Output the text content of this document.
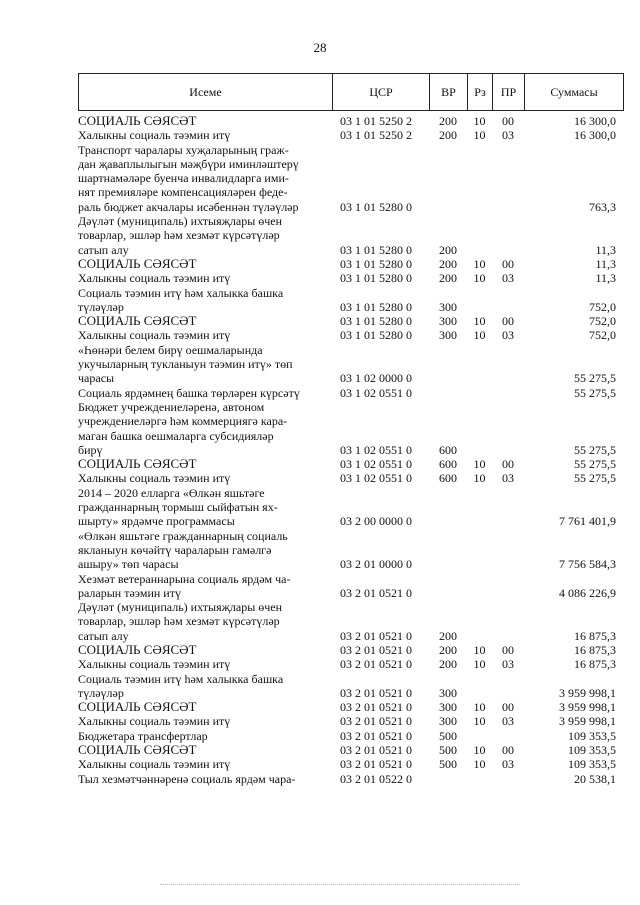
28
Исеме	ЦСР	ВР	Рз	ПР	Суммасы
СОЦИАЛЬ СӘЯСӘТ	03 1 01 5250 2	200	10	00	16 300,0
Халыкны социаль тәэмин итү	03 1 01 5250 2	200	10	03	16 300,0
Транспорт чаралары хуҗаларының граж-
дан җаваплылыгын мәҗбүри иминләштерү
шартнамәләре буенча инвалидларга ими-
нят премияләре компенсацияләрен феде-
раль бюджет акчалары исәбеннән түләүләр	03 1 01 5280 0	763,3
Дәүләт (муниципаль) ихтыяҗлары өчен
товарлар, эшләр һәм хезмәт күрсәтүләр
сатып алу	03 1 01 5280 0	200	11,3
СОЦИАЛЬ СӘЯСӘТ	03 1 01 5280 0	200	10	00	11,3
Халыкны социаль тәэмин итү	03 1 01 5280 0	200	10	03	11,3
Социаль тәэмин итү һәм халыкка башка
түләүләр	03 1 01 5280 0	300	752,0
СОЦИАЛЬ СӘЯСӘТ	03 1 01 5280 0	300	10	00	752,0
Халыкны социаль тәэмин итү	03 1 01 5280 0	300	10	03	752,0
«Һөнәри белем бирү оешмаларында
укучыларның тукланыун тәэмин итү» төп
чарасы	03 1 02 0000 0	55 275,5
Социаль ярдәмнең башка төрләрен күрсәтү	03 1 02 0551 0	55 275,5
Бюджет учреждениеләренә, автоном
учреждениеләргә һәм коммерциягә кара-
маган башка оешмаларга субсидияләр
бирү	03 1 02 0551 0	600	55 275,5
СОЦИАЛЬ СӘЯСӘТ	03 1 02 0551 0	600	10	00	55 275,5
Халыкны социаль тәэмин итү	03 1 02 0551 0	600	10	03	55 275,5
2014 – 2020 елларга «Өлкән яшьтәге
гражданнарның тормыш сыйфатын ях-
шырту» ярдәмче программасы	03 2 00 0000 0	7 761 401,9
«Өлкән яшьтәге гражданнарның социаль
якланыун көчәйтү чараларын гамәлгә
ашыру» төп чарасы	03 2 01 0000 0	7 756 584,3
Хезмәт ветераннарына социаль ярдәм ча-
раларын тәэмин итү	03 2 01 0521 0	4 086 226,9
Дәүләт (муниципаль) ихтыяҗлары өчен
товарлар, эшләр һәм хезмәт күрсәтүләр
сатып алу	03 2 01 0521 0	200	16 875,3
СОЦИАЛЬ СӘЯСӘТ	03 2 01 0521 0	200	10	00	16 875,3
Халыкны социаль тәэмин итү	03 2 01 0521 0	200	10	03	16 875,3
Социаль тәэмин итү һәм халыкка башка
түләүләр	03 2 01 0521 0	300	3 959 998,1
СОЦИАЛЬ СӘЯСӘТ	03 2 01 0521 0	300	10	00	3 959 998,1
Халыкны социаль тәэмин итү	03 2 01 0521 0	300	10	03	3 959 998,1
Бюджетара трансфертлар	03 2 01 0521 0	500	109 353,5
СОЦИАЛЬ СӘЯСӘТ	03 2 01 0521 0	500	10	00	109 353,5
Халыкны социаль тәэмин итү	03 2 01 0521 0	500	10	03	109 353,5
Тыл хезмәтчәннәренә социаль ярдәм чара-	03 2 01 0522 0	20 538,1
